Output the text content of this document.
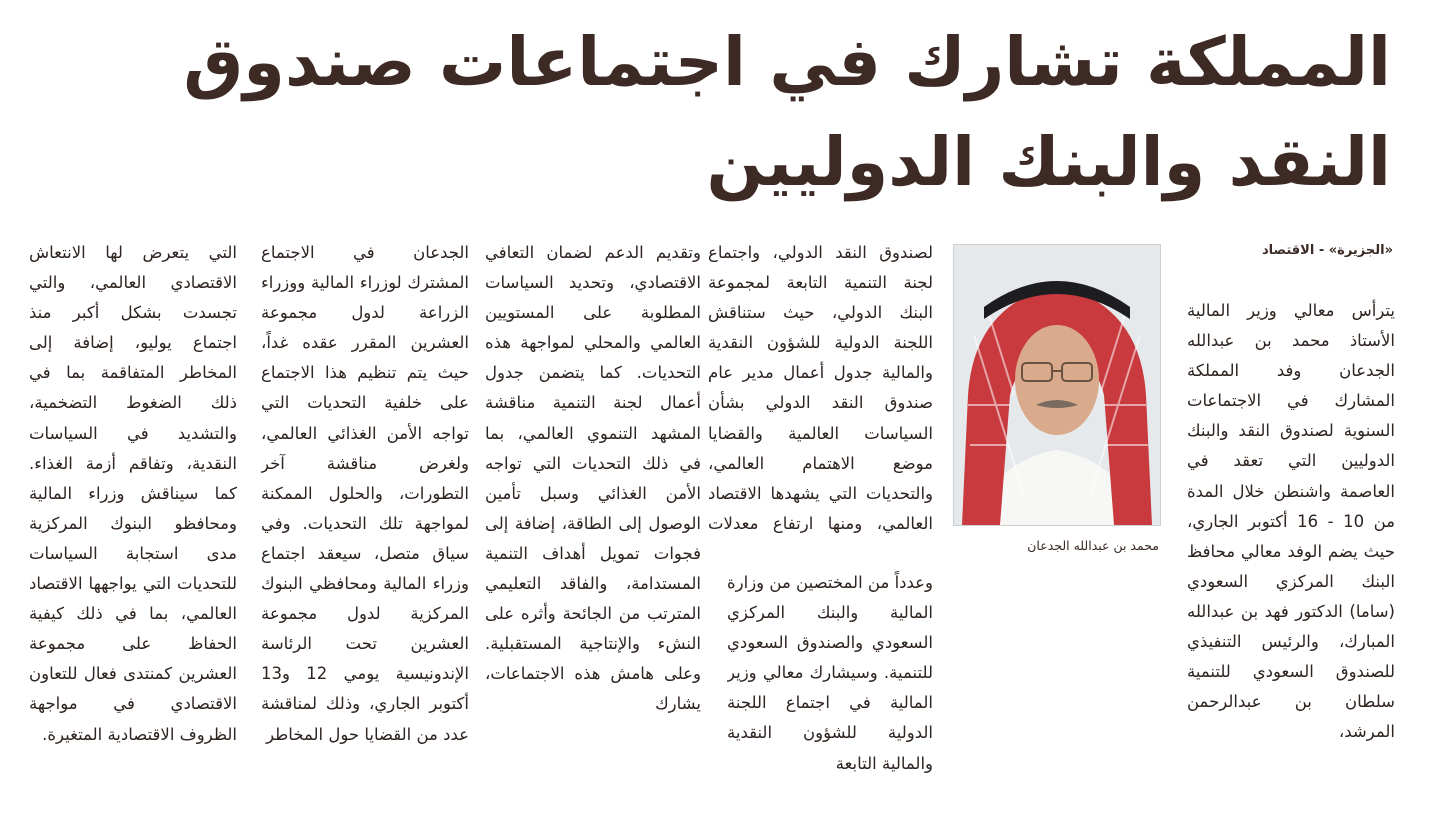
المملكة تشارك في اجتماعات صندوق
النقد والبنك الدوليين
«الجزيرة» - الاقتصاد

يترأس معالي وزير المالية الأستاذ محمد بن عبدالله الجدعان وفد المملكة المشارك في الاجتماعات السنوية لصندوق النقد والبنك الدوليين التي تعقد في العاصمة واشنطن خلال المدة من 10 - 16 أكتوبر الجاري، حيث يضم الوفد معالي محافظ البنك المركزي السعودي (ساما) الدكتور فهد بن عبدالله المبارك، والرئيس التنفيذي للصندوق السعودي للتنمية سلطان بن عبدالرحمن المرشد،

محمد بن عبدالله الجدعان

لصندوق النقد الدولي، واجتماع لجنة التنمية التابعة لمجموعة البنك الدولي، حيث ستناقش اللجنة الدولية للشؤون النقدية والمالية جدول أعمال مدير عام صندوق النقد الدولي بشأن السياسات العالمية والقضايا موضع الاهتمام العالمي، والتحديات التي يشهدها الاقتصاد العالمي، ومنها ارتفاع معدلات

وعدداً من المختصين من وزارة المالية والبنك المركزي السعودي والصندوق السعودي للتنمية. وسيشارك معالي وزير المالية في اجتماع اللجنة الدولية للشؤون النقدية والمالية التابعة

وتقديم الدعم لضمان التعافي الاقتصادي، وتحديد السياسات المطلوبة على المستويين العالمي والمحلي لمواجهة هذه التحديات. كما يتضمن جدول أعمال لجنة التنمية مناقشة المشهد التنموي العالمي، بما في ذلك التحديات التي تواجه الأمن الغذائي وسبل تأمين الوصول إلى الطاقة، إضافة إلى فجوات تمويل أهداف التنمية المستدامة، والفاقد التعليمي المترتب من الجائحة وأثره على النشء والإنتاجية المستقبلية. وعلى هامش هذه الاجتماعات، يشارك

الجدعان في الاجتماع المشترك لوزراء المالية ووزراء الزراعة لدول مجموعة العشرين المقرر عقده غداً، حيث يتم تنظيم هذا الاجتماع على خلفية التحديات التي تواجه الأمن الغذائي العالمي، ولغرض مناقشة آخر التطورات، والحلول الممكنة لمواجهة تلك التحديات. وفي سياق متصل، سيعقد اجتماع وزراء المالية ومحافظي البنوك المركزية لدول مجموعة العشرين تحت الرئاسة الإندونيسية يومي 12 و13 أكتوبر الجاري، وذلك لمناقشة عدد من القضايا حول المخاطر

التي يتعرض لها الانتعاش الاقتصادي العالمي، والتي تجسدت بشكل أكبر منذ اجتماع يوليو، إضافة إلى المخاطر المتفاقمة بما في ذلك الضغوط التضخمية، والتشديد في السياسات النقدية، وتفاقم أزمة الغذاء. كما سيناقش وزراء المالية ومحافظو البنوك المركزية مدى استجابة السياسات للتحديات التي يواجهها الاقتصاد العالمي، بما في ذلك كيفية الحفاظ على مجموعة العشرين كمنتدى فعال للتعاون الاقتصادي في مواجهة الظروف الاقتصادية المتغيرة.
